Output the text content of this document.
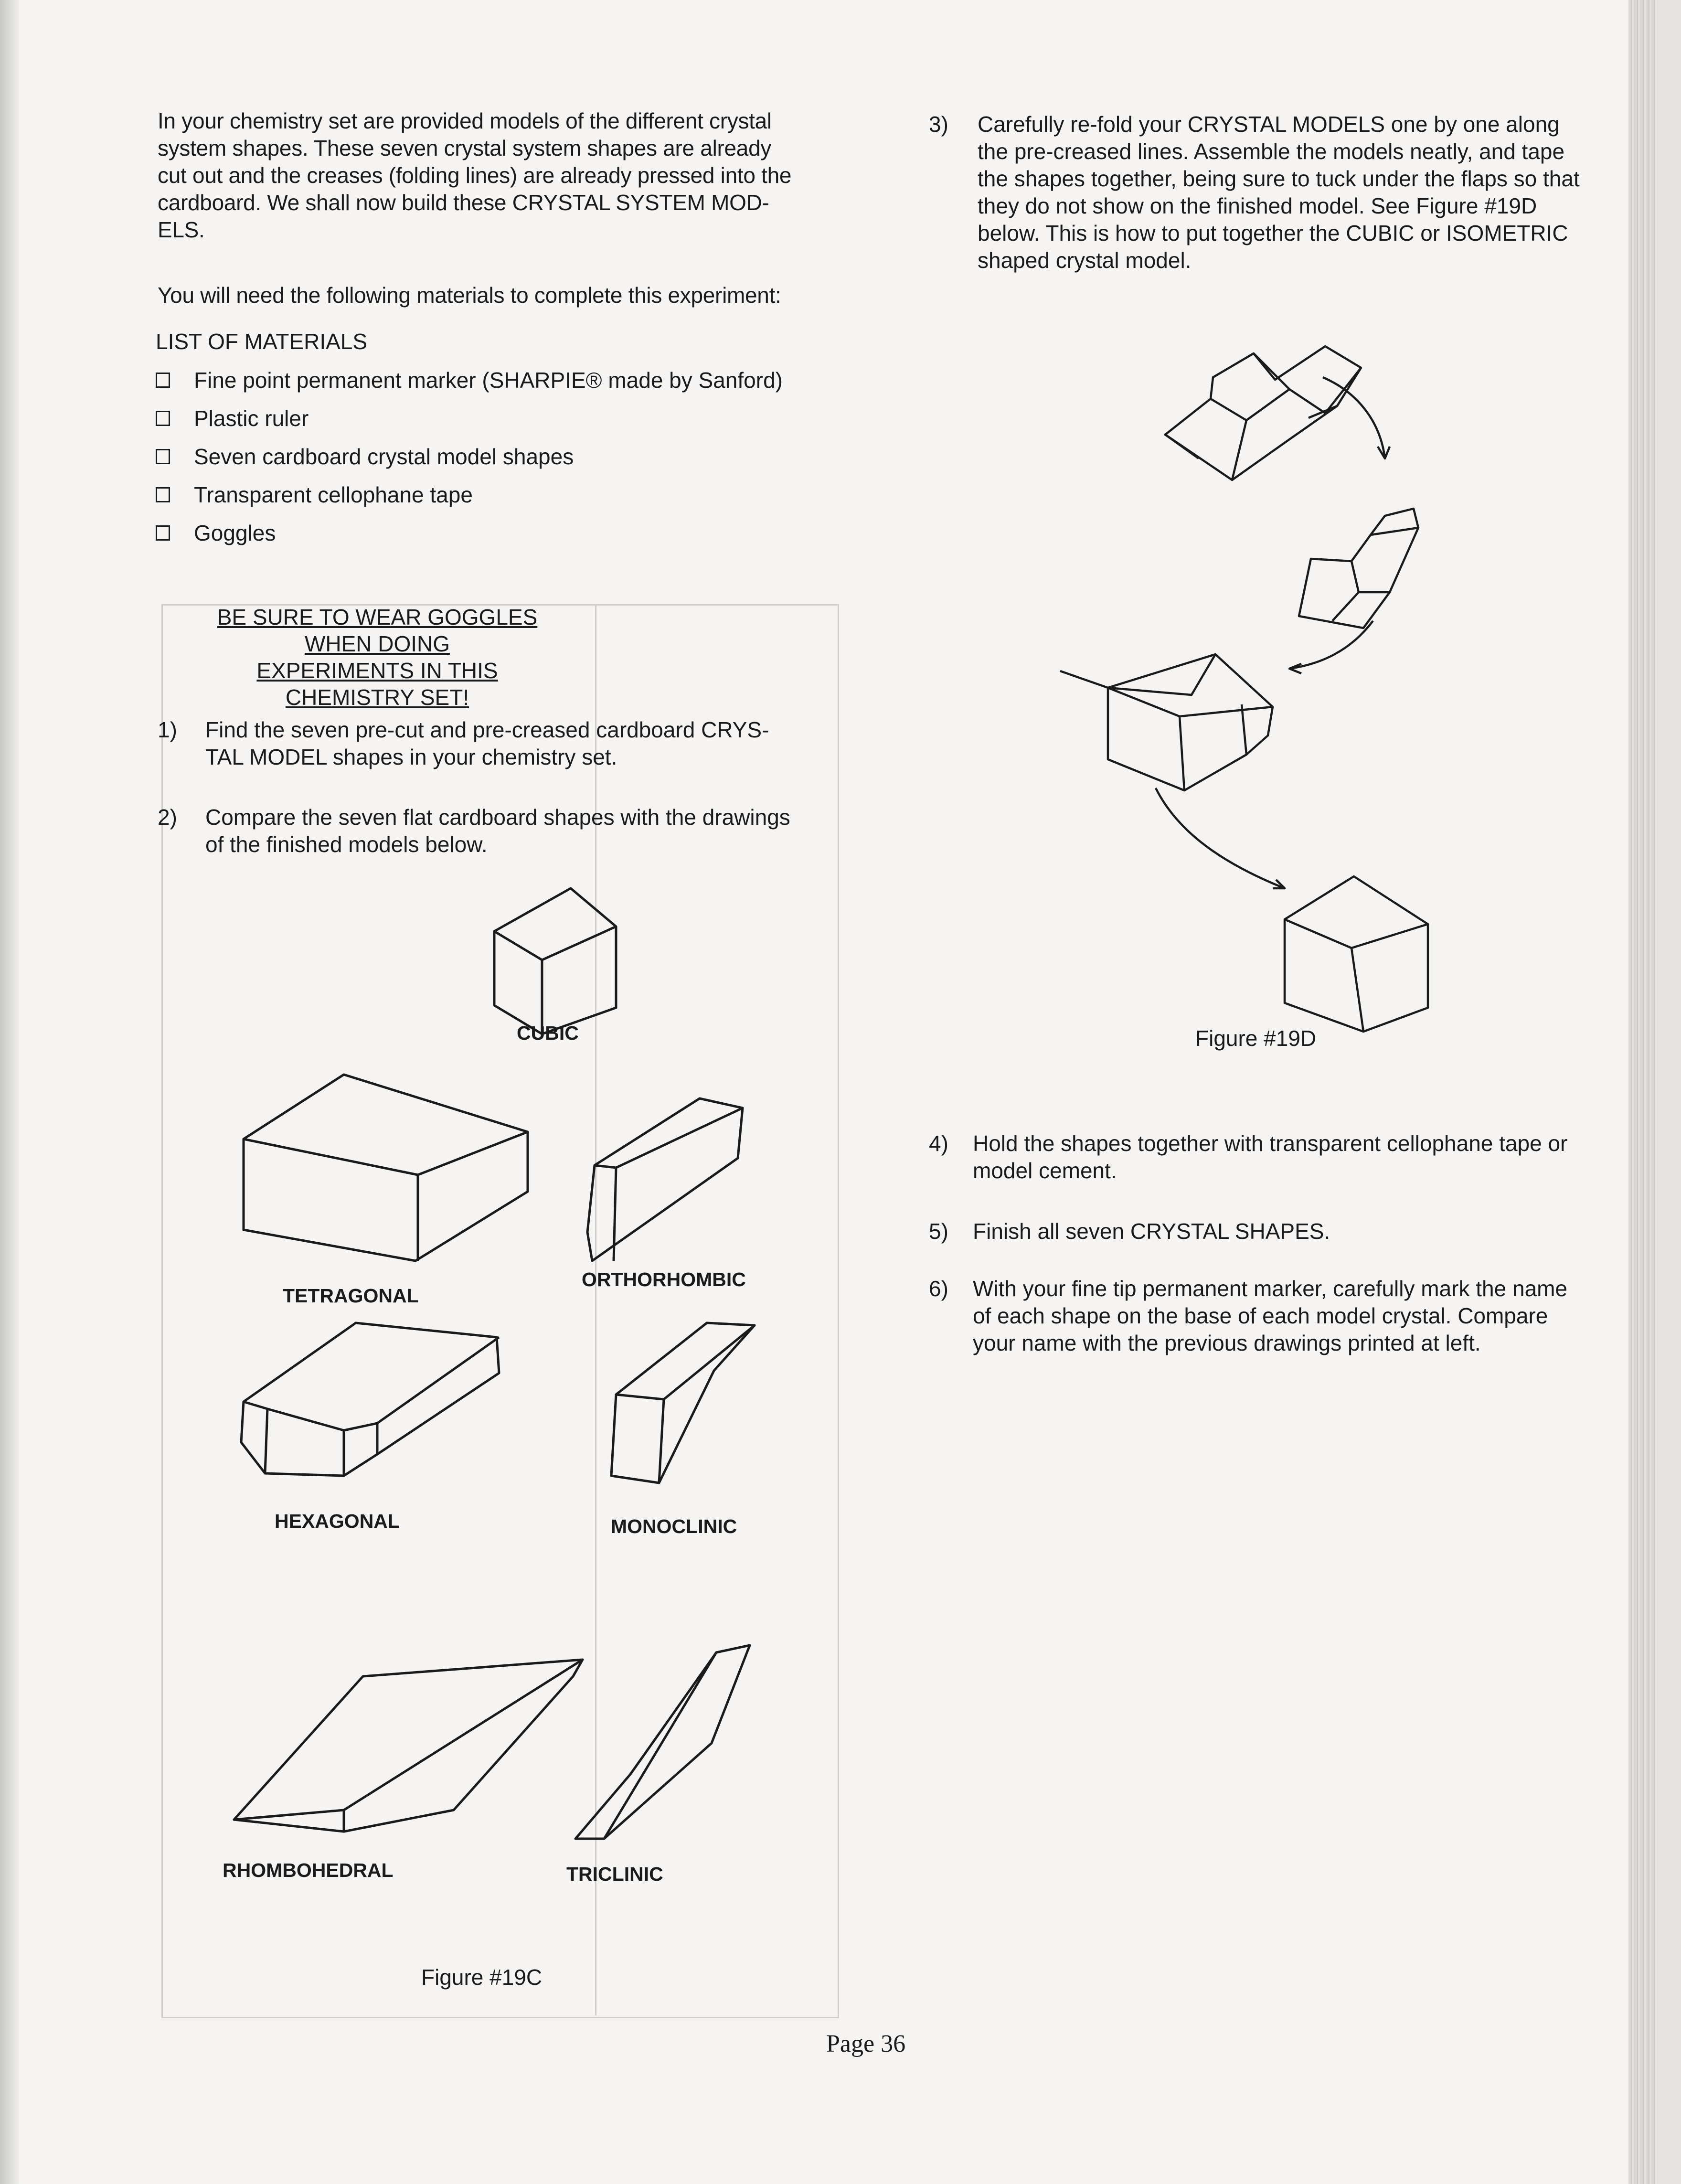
In your chemistry set are provided models of the different crystal

system shapes. These seven crystal system shapes are already

cut out and the creases (folding lines) are already pressed into the

cardboard. We shall now build these CRYSTAL SYSTEM MOD-

ELS.

You will need the following materials to complete this experiment:
LIST OF MATERIALS
Fine point permanent marker (SHARPIE® made by Sanford)
Plastic ruler
Seven cardboard crystal model shapes
Transparent cellophane tape
Goggles
BE SURE TO WEAR GOGGLES WHEN DOING
EXPERIMENTS IN THIS CHEMISTRY SET!
1) Find the seven pre-cut and pre-creased cardboard CRYS-
TAL MODEL shapes in your chemistry set.
2) Compare the seven flat cardboard shapes with the drawings
of the finished models below.
CUBIC
TETRAGONAL
ORTHORHOMBIC
HEXAGONAL	MONOCLINIC
RHOMBOHEDRAL	TRICLINIC
Figure #19C
3) Carefully re-fold your CRYSTAL MODELS one by one along
the pre-creased lines. Assemble the models neatly, and tape
the shapes together, being sure to tuck under the flaps so that
they do not show on the finished model. See Figure #19D
below. This is how to put together the CUBIC or ISOMETRIC
shaped crystal model.
Figure #19D
4) Hold the shapes together with transparent cellophane tape or
model cement.
5) Finish all seven CRYSTAL SHAPES.
6) With your fine tip permanent marker, carefully mark the name
of each shape on the base of each model crystal. Compare
your name with the previous drawings printed at left.
Page 36
